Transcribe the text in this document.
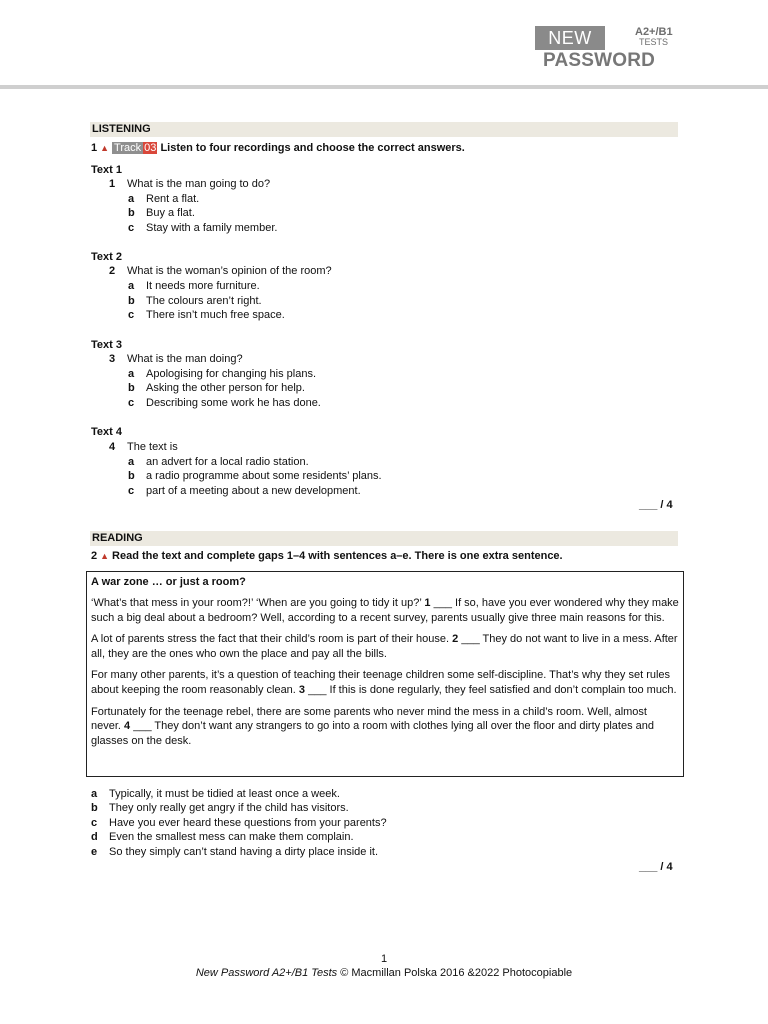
NEW	A2+/B1
TESTS
PASSWORD
LISTENING
1 ▲ Track 03 Listen to four recordings and choose the correct answers.
Text 1
1 What is the man going to do?
a Rent a flat.
b Buy a flat.
c Stay with a family member.
Text 2
2 What is the woman’s opinion of the room?
a It needs more furniture.
b The colours aren’t right.
c There isn’t much free space.
Text 3
3 What is the man doing?
a Apologising for changing his plans.
b Asking the other person for help.
c Describing some work he has done.
Text 4
4 The text is
a an advert for a local radio station.
b a radio programme about some residents’ plans.
c part of a meeting about a new development.
___ / 4
READING
2 ▲ Read the text and complete gaps 1–4 with sentences a–e. There is one extra sentence.

A war zone … or just a room?

‘What’s that mess in your room?!’ ‘When are you going to tidy it up?’ 1 ___ If so, have you ever wondered why they make such a big deal about a bedroom? Well, according to a recent survey, parents usually give three main reasons for this.

A lot of parents stress the fact that their child’s room is part of their house. 2 ___ They do not want to live in a mess. After all, they are the ones who own the place and pay all the bills.

For many other parents, it’s a question of teaching their teenage children some self-discipline. That’s why they set rules about keeping the room reasonably clean. 3 ___ If this is done regularly, they feel satisfied and don’t complain too much.

Fortunately for the teenage rebel, there are some parents who never mind the mess in a child’s room. Well, almost never. 4 ___ They don’t want any strangers to go into a room with clothes lying all over the floor and dirty plates and glasses on the desk.

a Typically, it must be tidied at least once a week.
b They only really get angry if the child has visitors.
c Have you ever heard these questions from your parents?
d Even the smallest mess can make them complain.
e So they simply can’t stand having a dirty place inside it.
___ / 4
1
New Password A2+/B1 Tests © Macmillan Polska 2016 &2022 Photocopiable
